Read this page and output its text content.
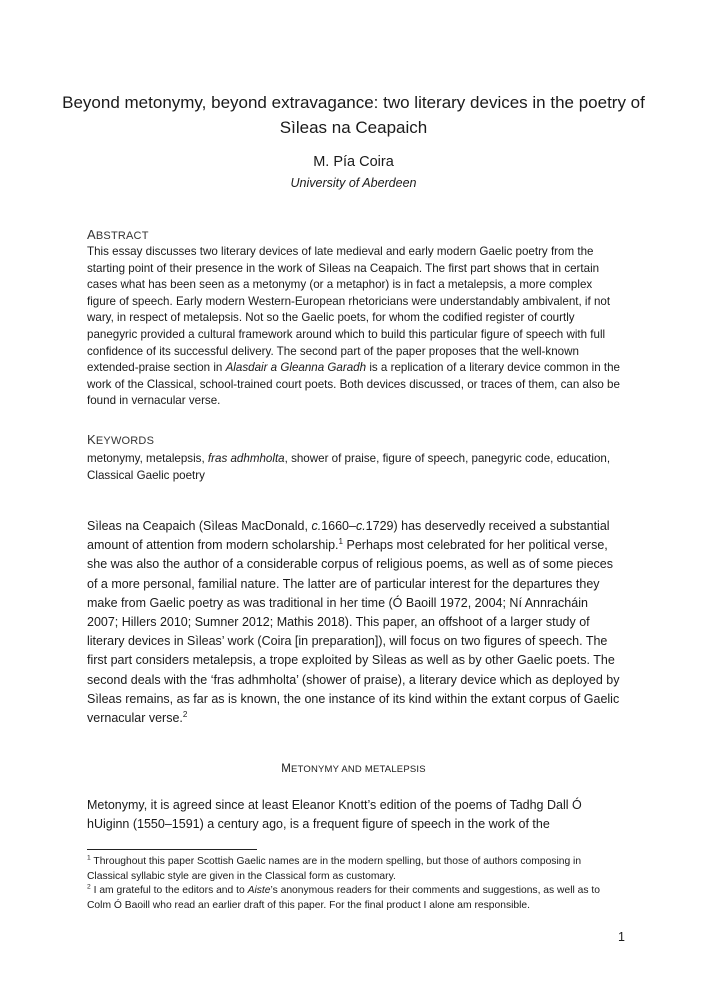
Beyond metonymy, beyond extravagance: two literary devices in the poetry of Sìleas na Ceapaich
M. Pía Coira
University of Aberdeen
ABSTRACT
This essay discusses two literary devices of late medieval and early modern Gaelic poetry from the starting point of their presence in the work of Sìleas na Ceapaich. The first part shows that in certain cases what has been seen as a metonymy (or a metaphor) is in fact a metalepsis, a more complex figure of speech. Early modern Western-European rhetoricians were understandably ambivalent, if not wary, in respect of metalepsis. Not so the Gaelic poets, for whom the codified register of courtly panegyric provided a cultural framework around which to build this particular figure of speech with full confidence of its successful delivery. The second part of the paper proposes that the well-known extended-praise section in Alasdair a Gleanna Garadh is a replication of a literary device common in the work of the Classical, school-trained court poets. Both devices discussed, or traces of them, can also be found in vernacular verse.
KEYWORDS
metonymy, metalepsis, fras adhmholta, shower of praise, figure of speech, panegyric code, education, Classical Gaelic poetry
Sìleas na Ceapaich (Sìleas MacDonald, c.1660–c.1729) has deservedly received a substantial amount of attention from modern scholarship.$^1$ Perhaps most celebrated for her political verse, she was also the author of a considerable corpus of religious poems, as well as of some pieces of a more personal, familial nature. The latter are of particular interest for the departures they make from Gaelic poetry as was traditional in her time (Ó Baoill 1972, 2004; Ní Annracháin 2007; Hillers 2010; Sumner 2012; Mathis 2018). This paper, an offshoot of a larger study of literary devices in Sìleas’ work (Coira [in preparation]), will focus on two figures of speech. The first part considers metalepsis, a trope exploited by Sìleas as well as by other Gaelic poets. The second deals with the ‘fras adhmholta’ (shower of praise), a literary device which as deployed by Sìleas remains, as far as is known, the one instance of its kind within the extant corpus of Gaelic vernacular verse.$^2$
METONYMY AND METALEPSIS
Metonymy, it is agreed since at least Eleanor Knott’s edition of the poems of Tadhg Dall Ó hUiginn (1550–1591) a century ago, is a frequent figure of speech in the work of the
$^1$ Throughout this paper Scottish Gaelic names are in the modern spelling, but those of authors composing in Classical syllabic style are given in the Classical form as customary.
$^2$ I am grateful to the editors and to Aiste’s anonymous readers for their comments and suggestions, as well as to Colm Ó Baoill who read an earlier draft of this paper. For the final product I alone am responsible.
1
